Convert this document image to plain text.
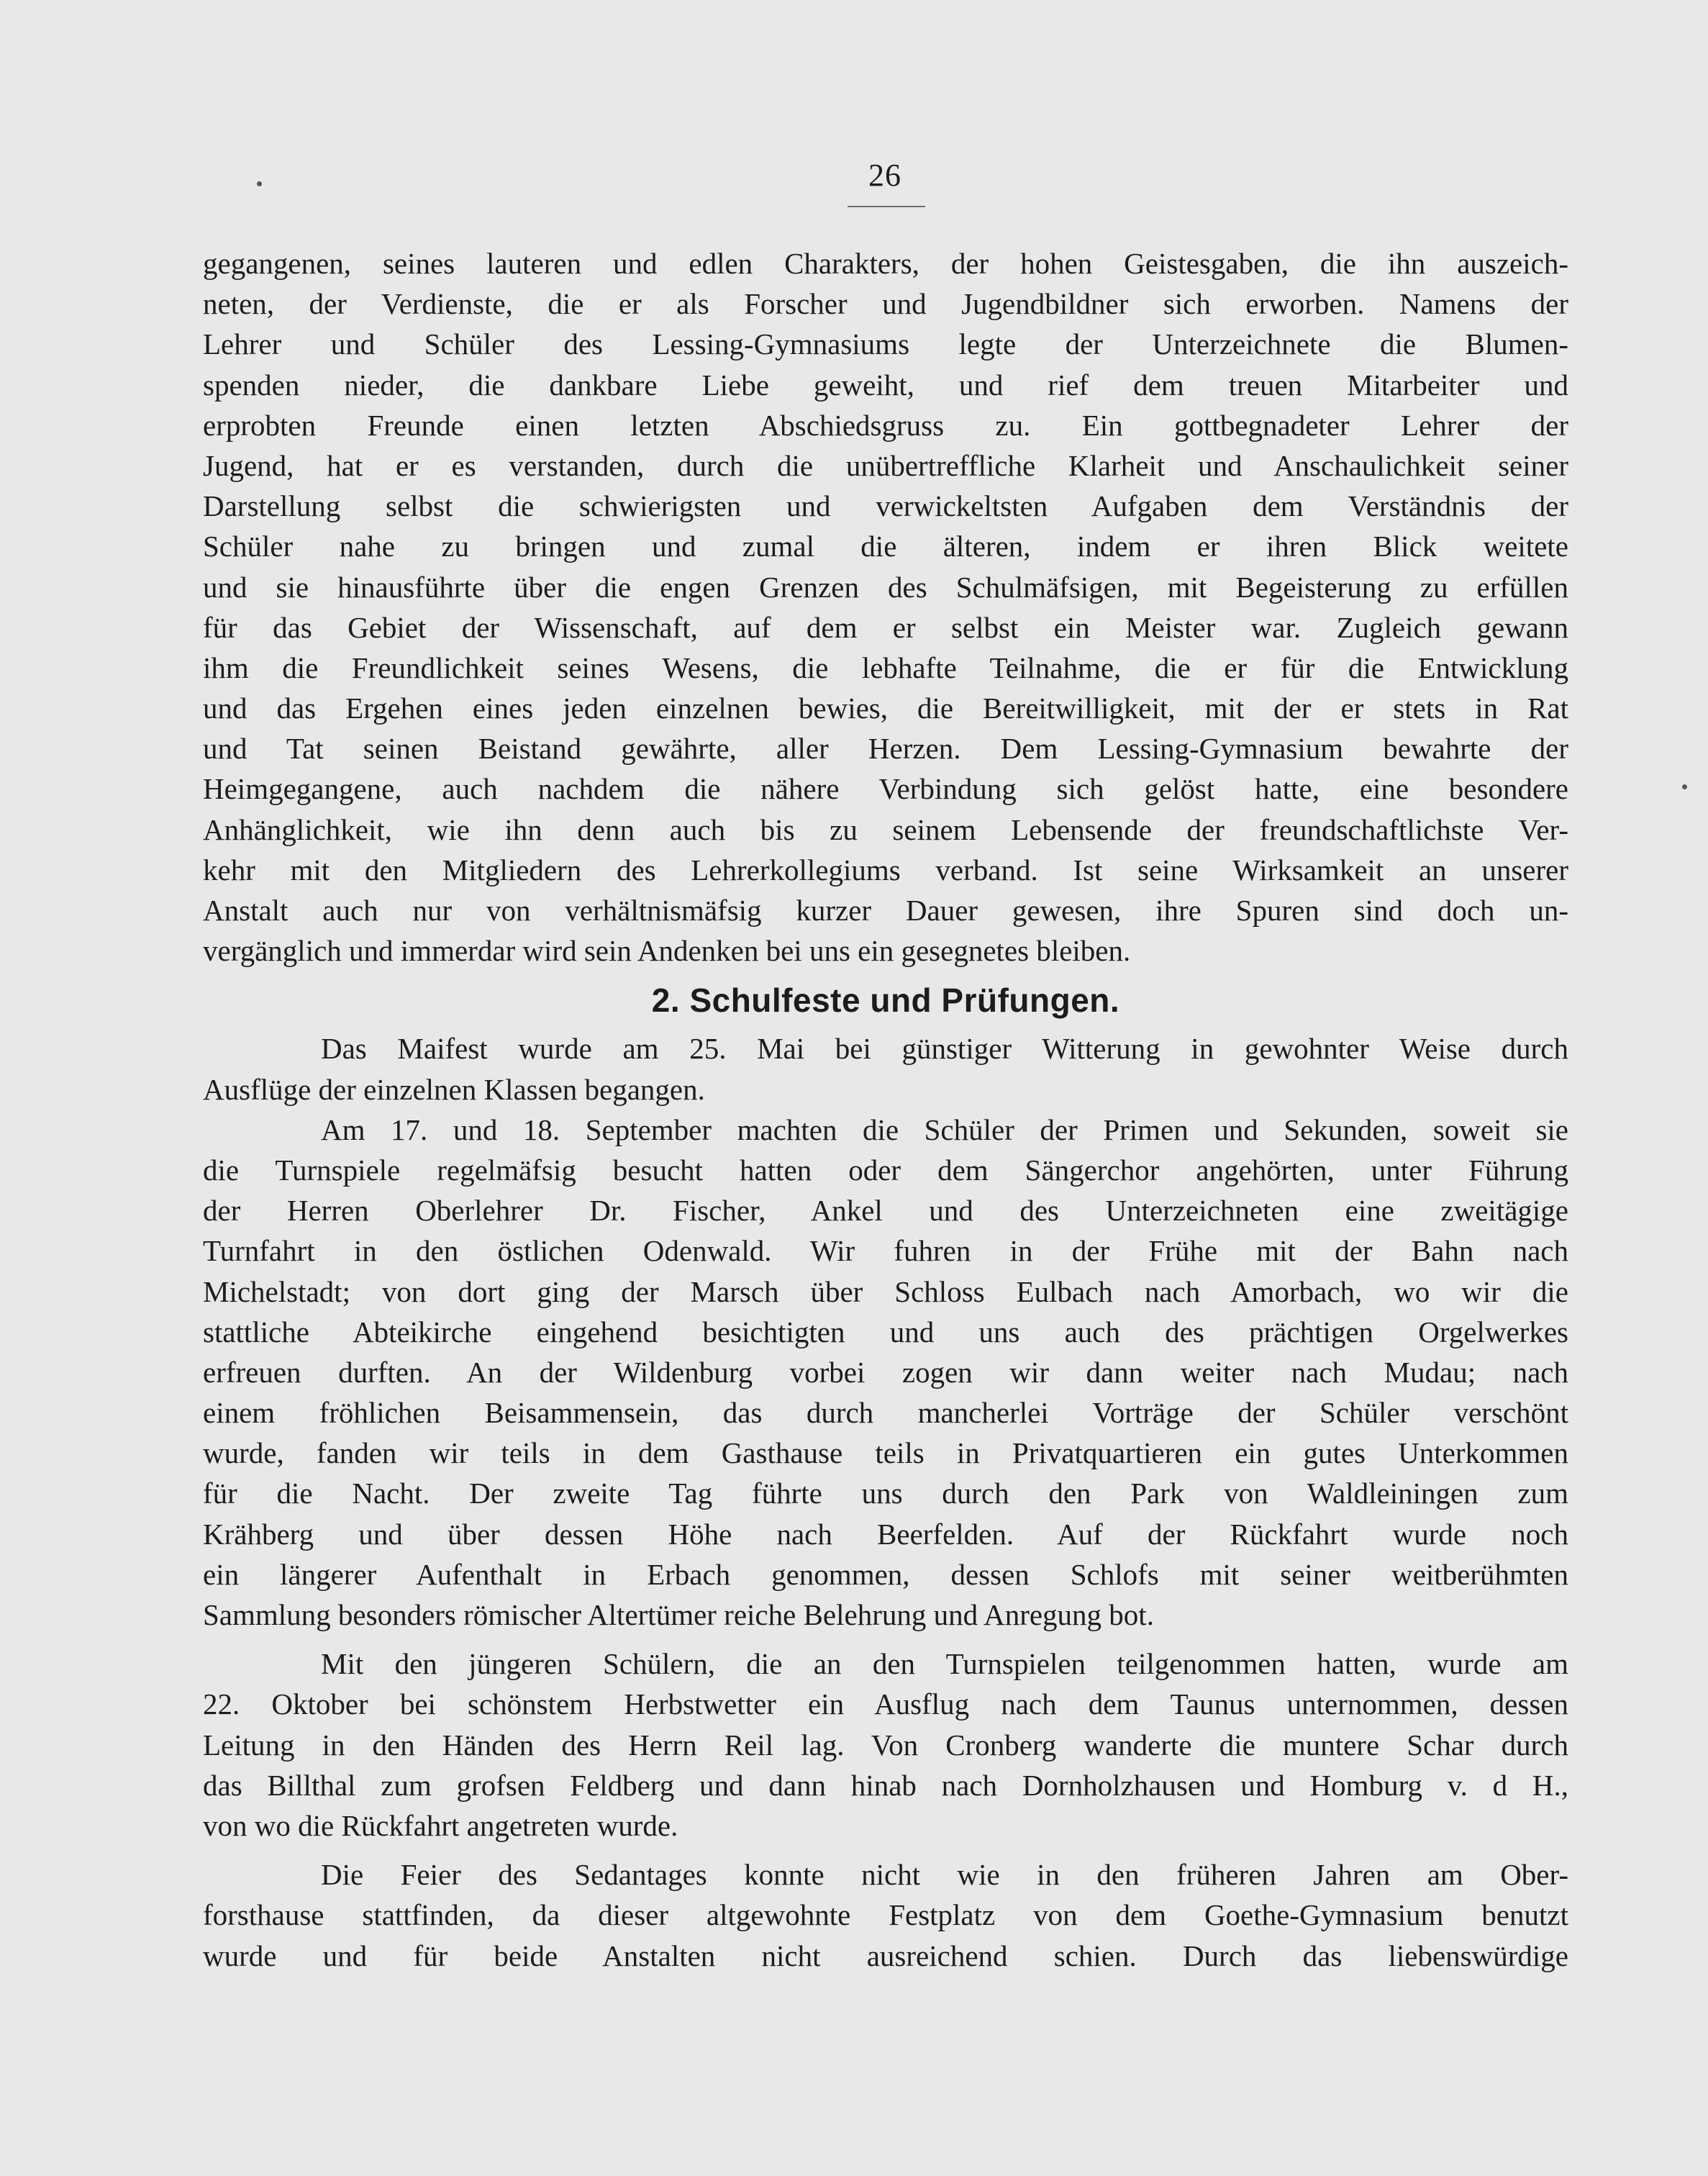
26
gegangenen, seines lauteren und edlen Charakters, der hohen Geistesgaben, die ihn auszeich-
neten, der Verdienste, die er als Forscher und Jugendbildner sich erworben. Namens der
Lehrer und Schüler des Lessing-Gymnasiums legte der Unterzeichnete die Blumen-
spenden nieder, die dankbare Liebe geweiht, und rief dem treuen Mitarbeiter und
erprobten Freunde einen letzten Abschiedsgruss zu. Ein gottbegnadeter Lehrer der
Jugend, hat er es verstanden, durch die unübertreffliche Klarheit und Anschaulichkeit seiner
Darstellung selbst die schwierigsten und verwickeltsten Aufgaben dem Verständnis der
Schüler nahe zu bringen und zumal die älteren, indem er ihren Blick weitete
und sie hinausführte über die engen Grenzen des Schulmäfsigen, mit Begeisterung zu erfüllen
für das Gebiet der Wissenschaft, auf dem er selbst ein Meister war. Zugleich gewann
ihm die Freundlichkeit seines Wesens, die lebhafte Teilnahme, die er für die Entwicklung
und das Ergehen eines jeden einzelnen bewies, die Bereitwilligkeit, mit der er stets in Rat
und Tat seinen Beistand gewährte, aller Herzen. Dem Lessing-Gymnasium bewahrte der
Heimgegangene, auch nachdem die nähere Verbindung sich gelöst hatte, eine besondere
Anhänglichkeit, wie ihn denn auch bis zu seinem Lebensende der freundschaftlichste Ver-
kehr mit den Mitgliedern des Lehrerkollegiums verband. Ist seine Wirksamkeit an unserer
Anstalt auch nur von verhältnismäfsig kurzer Dauer gewesen, ihre Spuren sind doch un-
vergänglich und immerdar wird sein Andenken bei uns ein gesegnetes bleiben.
2. Schulfeste und Prüfungen.
Das Maifest wurde am 25. Mai bei günstiger Witterung in gewohnter Weise durch
Ausflüge der einzelnen Klassen begangen.
Am 17. und 18. September machten die Schüler der Primen und Sekunden, soweit sie
die Turnspiele regelmäfsig besucht hatten oder dem Sängerchor angehörten, unter Führung
der Herren Oberlehrer Dr. Fischer, Ankel und des Unterzeichneten eine zweitägige
Turnfahrt in den östlichen Odenwald. Wir fuhren in der Frühe mit der Bahn nach
Michelstadt; von dort ging der Marsch über Schloss Eulbach nach Amorbach, wo wir die
stattliche Abteikirche eingehend besichtigten und uns auch des prächtigen Orgelwerkes
erfreuen durften. An der Wildenburg vorbei zogen wir dann weiter nach Mudau; nach
einem fröhlichen Beisammensein, das durch mancherlei Vorträge der Schüler verschönt
wurde, fanden wir teils in dem Gasthause teils in Privatquartieren ein gutes Unterkommen
für die Nacht. Der zweite Tag führte uns durch den Park von Waldleiningen zum
Krähberg und über dessen Höhe nach Beerfelden. Auf der Rückfahrt wurde noch
ein längerer Aufenthalt in Erbach genommen, dessen Schlofs mit seiner weitberühmten
Sammlung besonders römischer Altertümer reiche Belehrung und Anregung bot.
Mit den jüngeren Schülern, die an den Turnspielen teilgenommen hatten, wurde am
22. Oktober bei schönstem Herbstwetter ein Ausflug nach dem Taunus unternommen, dessen
Leitung in den Händen des Herrn Reil lag. Von Cronberg wanderte die muntere Schar durch
das Billthal zum grofsen Feldberg und dann hinab nach Dornholzhausen und Homburg v. d H.,
von wo die Rückfahrt angetreten wurde.
Die Feier des Sedantages konnte nicht wie in den früheren Jahren am Ober-
forsthause stattfinden, da dieser altgewohnte Festplatz von dem Goethe-Gymnasium benutzt
wurde und für beide Anstalten nicht ausreichend schien. Durch das liebenswürdige
